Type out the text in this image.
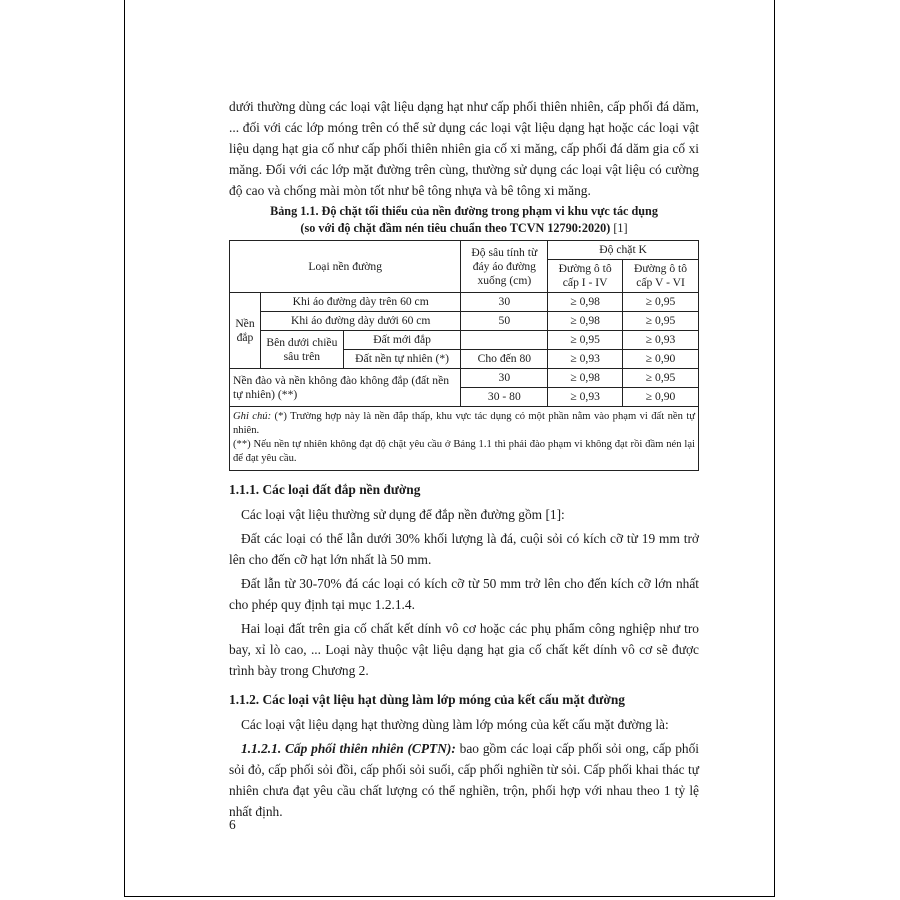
dưới thường dùng các loại vật liệu dạng hạt như cấp phối thiên nhiên, cấp phối đá dăm, ... đối với các lớp móng trên có thể sử dụng các loại vật liệu dạng hạt hoặc các loại vật liệu dạng hạt gia cố như cấp phối thiên nhiên gia cố xi măng, cấp phối đá dăm gia cố xi măng. Đối với các lớp mặt đường trên cùng, thường sử dụng các loại vật liệu có cường độ cao và chống mài mòn tốt như bê tông nhựa và bê tông xi măng.

Bảng 1.1. Độ chặt tối thiểu của nền đường trong phạm vi khu vực tác dụng
(so với độ chặt đầm nén tiêu chuẩn theo TCVN 12790:2020) [1]
Loại nền đường			Độ sâu tính từ đáy áo đường xuống (cm)	Độ chặt K	
				Đường ô tô cấp I - IV	Đường ô tô cấp V - VI
Nền đắp	Khi áo đường dày trên 60 cm		30	≥ 0,98	≥ 0,95
	Khi áo đường dày dưới 60 cm		50	≥ 0,98	≥ 0,95
	Bên dưới chiều sâu trên	Đất mới đắp		≥ 0,95	≥ 0,93
		Đất nền tự nhiên (*)	Cho đến 80	≥ 0,93	≥ 0,90
Nền đào và nền không đào không đắp (đất nền tự nhiên) (**)			30	≥ 0,98	≥ 0,95
			30 - 80	≥ 0,93	≥ 0,90

Ghi chú: (*) Trường hợp này là nền đắp thấp, khu vực tác dụng có một phần nằm vào phạm vi đất nền tự nhiên.
(**) Nếu nền tự nhiên không đạt độ chặt yêu cầu ở Bảng 1.1 thì phải đào phạm vi không đạt rồi đầm nén lại để đạt yêu cầu.					
1.1.1. Các loại đất đắp nền đường

Các loại vật liệu thường sử dụng để đắp nền đường gồm [1]:

Đất các loại có thể lẫn dưới 30% khối lượng là đá, cuội sỏi có kích cỡ từ 19 mm trở lên cho đến cỡ hạt lớn nhất là 50 mm.

Đất lẫn từ 30-70% đá các loại có kích cỡ từ 50 mm trở lên cho đến kích cỡ lớn nhất cho phép quy định tại mục 1.2.1.4.

Hai loại đất trên gia cố chất kết dính vô cơ hoặc các phụ phẩm công nghiệp như tro bay, xỉ lò cao, ... Loại này thuộc vật liệu dạng hạt gia cố chất kết dính vô cơ sẽ được trình bày trong Chương 2.

1.1.2. Các loại vật liệu hạt dùng làm lớp móng của kết cấu mặt đường

Các loại vật liệu dạng hạt thường dùng làm lớp móng của kết cấu mặt đường là:

1.1.2.1. Cấp phối thiên nhiên (CPTN): bao gồm các loại cấp phối sỏi ong, cấp phối sỏi đỏ, cấp phối sỏi đồi, cấp phối sỏi suối, cấp phối nghiền từ sỏi. Cấp phối khai thác tự nhiên chưa đạt yêu cầu chất lượng có thể nghiền, trộn, phối hợp với nhau theo 1 tỷ lệ nhất định.

6
